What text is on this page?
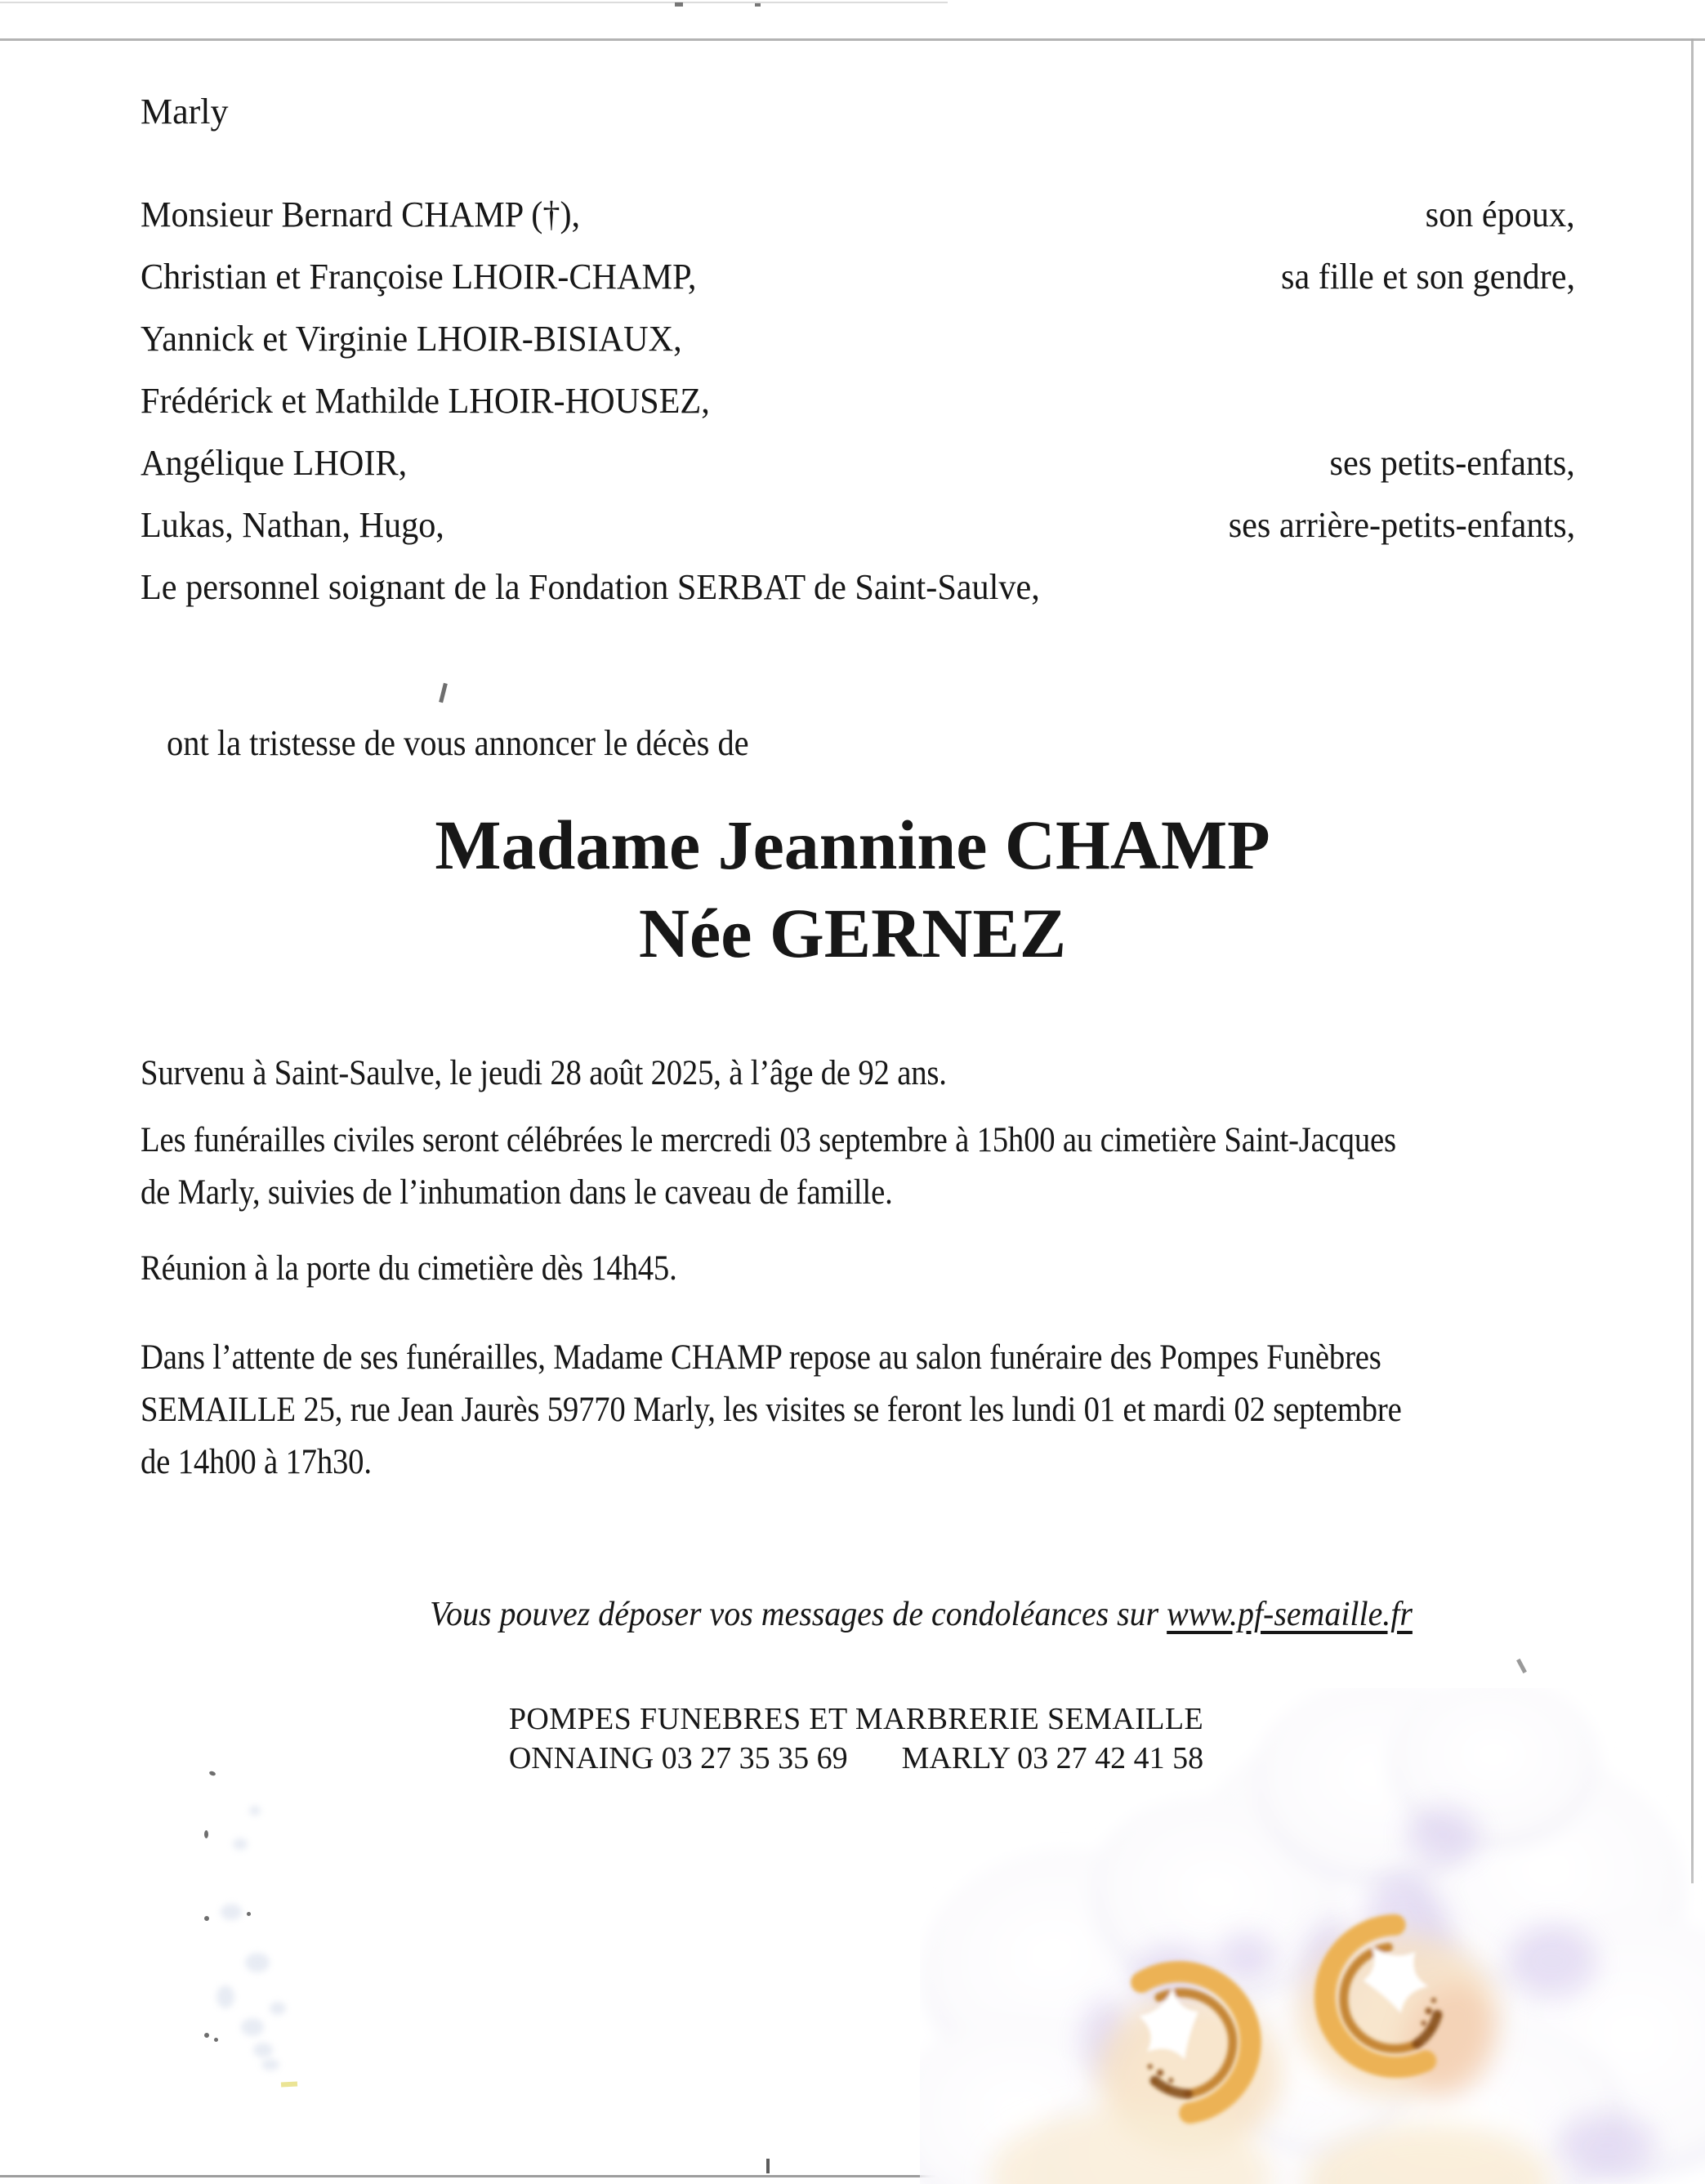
Marly
Monsieur Bernard CHAMP (†),	son époux,
Christian et Françoise LHOIR-CHAMP,	sa fille et son gendre,
Yannick et Virginie LHOIR-BISIAUX,
Frédérick et Mathilde LHOIR-HOUSEZ,
Angélique LHOIR,	ses petits-enfants,
Lukas, Nathan, Hugo,	ses arrière-petits-enfants,
Le personnel soignant de la Fondation SERBAT de Saint-Saulve,
ont la tristesse de vous annoncer le décès de
Madame Jeannine CHAMP
Née GERNEZ
Survenu à Saint-Saulve, le jeudi 28 août 2025, à l’âge de 92 ans.
Les funérailles civiles seront célébrées le mercredi 03 septembre à 15h00 au cimetière Saint-Jacques
de Marly, suivies de l’inhumation dans le caveau de famille.
Réunion à la porte du cimetière dès 14h45.
Dans l’attente de ses funérailles, Madame CHAMP repose au salon funéraire des Pompes Funèbres
SEMAILLE 25, rue Jean Jaurès 59770 Marly, les visites se feront les lundi 01 et mardi 02 septembre
de 14h00 à 17h30.
Vous pouvez déposer vos messages de condoléances sur www.pf-semaille.fr
POMPES FUNEBRES ET MARBRERIE SEMAILLE
ONNAING 03 27 35 35 69 MARLY 03 27 42 41 58
